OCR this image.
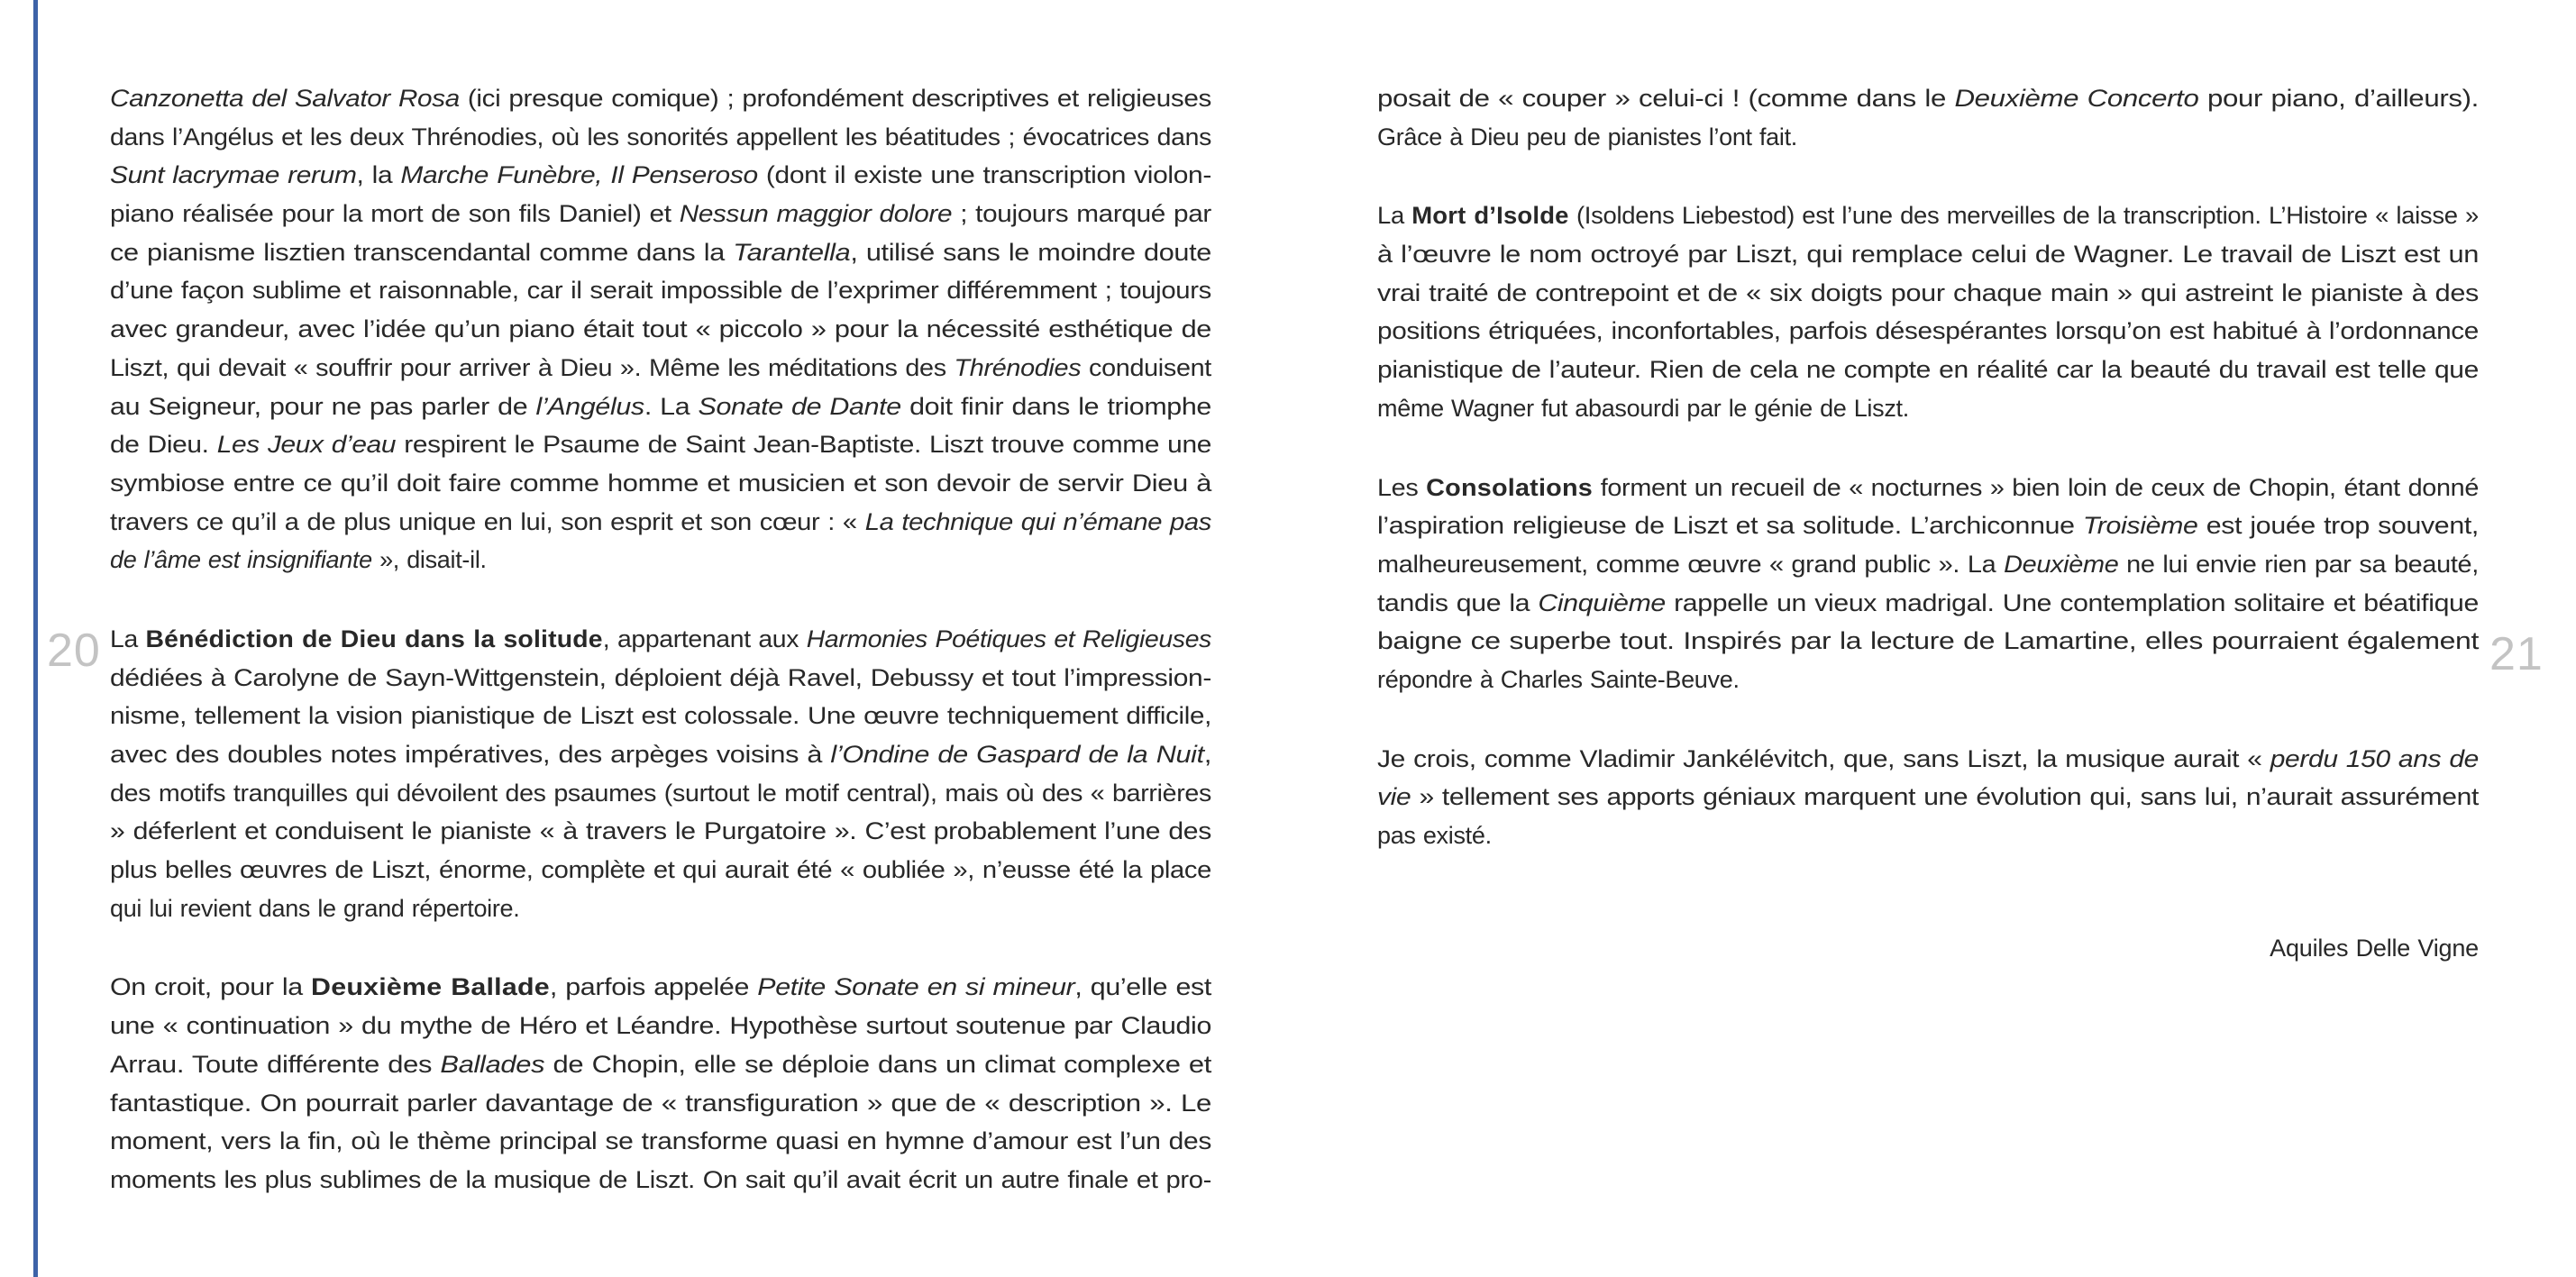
20
Canzonetta del Salvator Rosa (ici presque comique) ; profondément descriptives et religieuses
dans l’Angélus et les deux Thrénodies, où les sonorités appellent les béatitudes ; évocatrices dans
Sunt lacrymae rerum, la Marche Funèbre, Il Penseroso (dont il existe une transcription violon-
piano réalisée pour la mort de son fils Daniel) et Nessun maggior dolore ; toujours marqué par
ce pianisme lisztien transcendantal comme dans la Tarantella, utilisé sans le moindre doute
d’une façon sublime et raisonnable, car il serait impossible de l’exprimer différemment ; toujours
avec grandeur, avec l’idée qu’un piano était tout « piccolo » pour la nécessité esthétique de
Liszt, qui devait « souffrir pour arriver à Dieu ». Même les méditations des Thrénodies conduisent
au Seigneur, pour ne pas parler de l’Angélus. La Sonate de Dante doit finir dans le triomphe
de Dieu. Les Jeux d’eau respirent le Psaume de Saint Jean-Baptiste. Liszt trouve comme une
symbiose entre ce qu’il doit faire comme homme et musicien et son devoir de servir Dieu à
travers ce qu’il a de plus unique en lui, son esprit et son cœur : « La technique qui n’émane pas
de l’âme est insignifiante », disait-il.
La Bénédiction de Dieu dans la solitude, appartenant aux Harmonies Poétiques et Religieuses
dédiées à Carolyne de Sayn-Wittgenstein, déploient déjà Ravel, Debussy et tout l’impression-
nisme, tellement la vision pianistique de Liszt est colossale. Une œuvre techniquement difficile,
avec des doubles notes impératives, des arpèges voisins à l’Ondine de Gaspard de la Nuit,
des motifs tranquilles qui dévoilent des psaumes (surtout le motif central), mais où des « barrières
» déferlent et conduisent le pianiste « à travers le Purgatoire ». C’est probablement l’une des
plus belles œuvres de Liszt, énorme, complète et qui aurait été « oubliée », n’eusse été la place
qui lui revient dans le grand répertoire.
On croit, pour la Deuxième Ballade, parfois appelée Petite Sonate en si mineur, qu’elle est
une « continuation » du mythe de Héro et Léandre. Hypothèse surtout soutenue par Claudio
Arrau. Toute différente des Ballades de Chopin, elle se déploie dans un climat complexe et
fantastique. On pourrait parler davantage de « transfiguration » que de « description ». Le
moment, vers la fin, où le thème principal se transforme quasi en hymne d’amour est l’un des
moments les plus sublimes de la musique de Liszt. On sait qu’il avait écrit un autre finale et pro-
posait de « couper » celui-ci ! (comme dans le Deuxième Concerto pour piano, d’ailleurs).
Grâce à Dieu peu de pianistes l’ont fait.
La Mort d’Isolde (Isoldens Liebestod) est l’une des merveilles de la transcription. L’Histoire « laisse »
à l’œuvre le nom octroyé par Liszt, qui remplace celui de Wagner. Le travail de Liszt est un
vrai traité de contrepoint et de « six doigts pour chaque main » qui astreint le pianiste à des
positions étriquées, inconfortables, parfois désespérantes lorsqu’on est habitué à l’ordonnance
pianistique de l’auteur. Rien de cela ne compte en réalité car la beauté du travail est telle que
même Wagner fut abasourdi par le génie de Liszt.
Les Consolations forment un recueil de « nocturnes » bien loin de ceux de Chopin, étant donné
l’aspiration religieuse de Liszt et sa solitude. L’archiconnue Troisième est jouée trop souvent,
malheureusement, comme œuvre « grand public ». La Deuxième ne lui envie rien par sa beauté,
tandis que la Cinquième rappelle un vieux madrigal. Une contemplation solitaire et béatifique
baigne ce superbe tout. Inspirés par la lecture de Lamartine, elles pourraient également
répondre à Charles Sainte-Beuve.
Je crois, comme Vladimir Jankélévitch, que, sans Liszt, la musique aurait « perdu 150 ans de
vie » tellement ses apports géniaux marquent une évolution qui, sans lui, n’aurait assurément
pas existé.
Aquiles Delle Vigne
21
